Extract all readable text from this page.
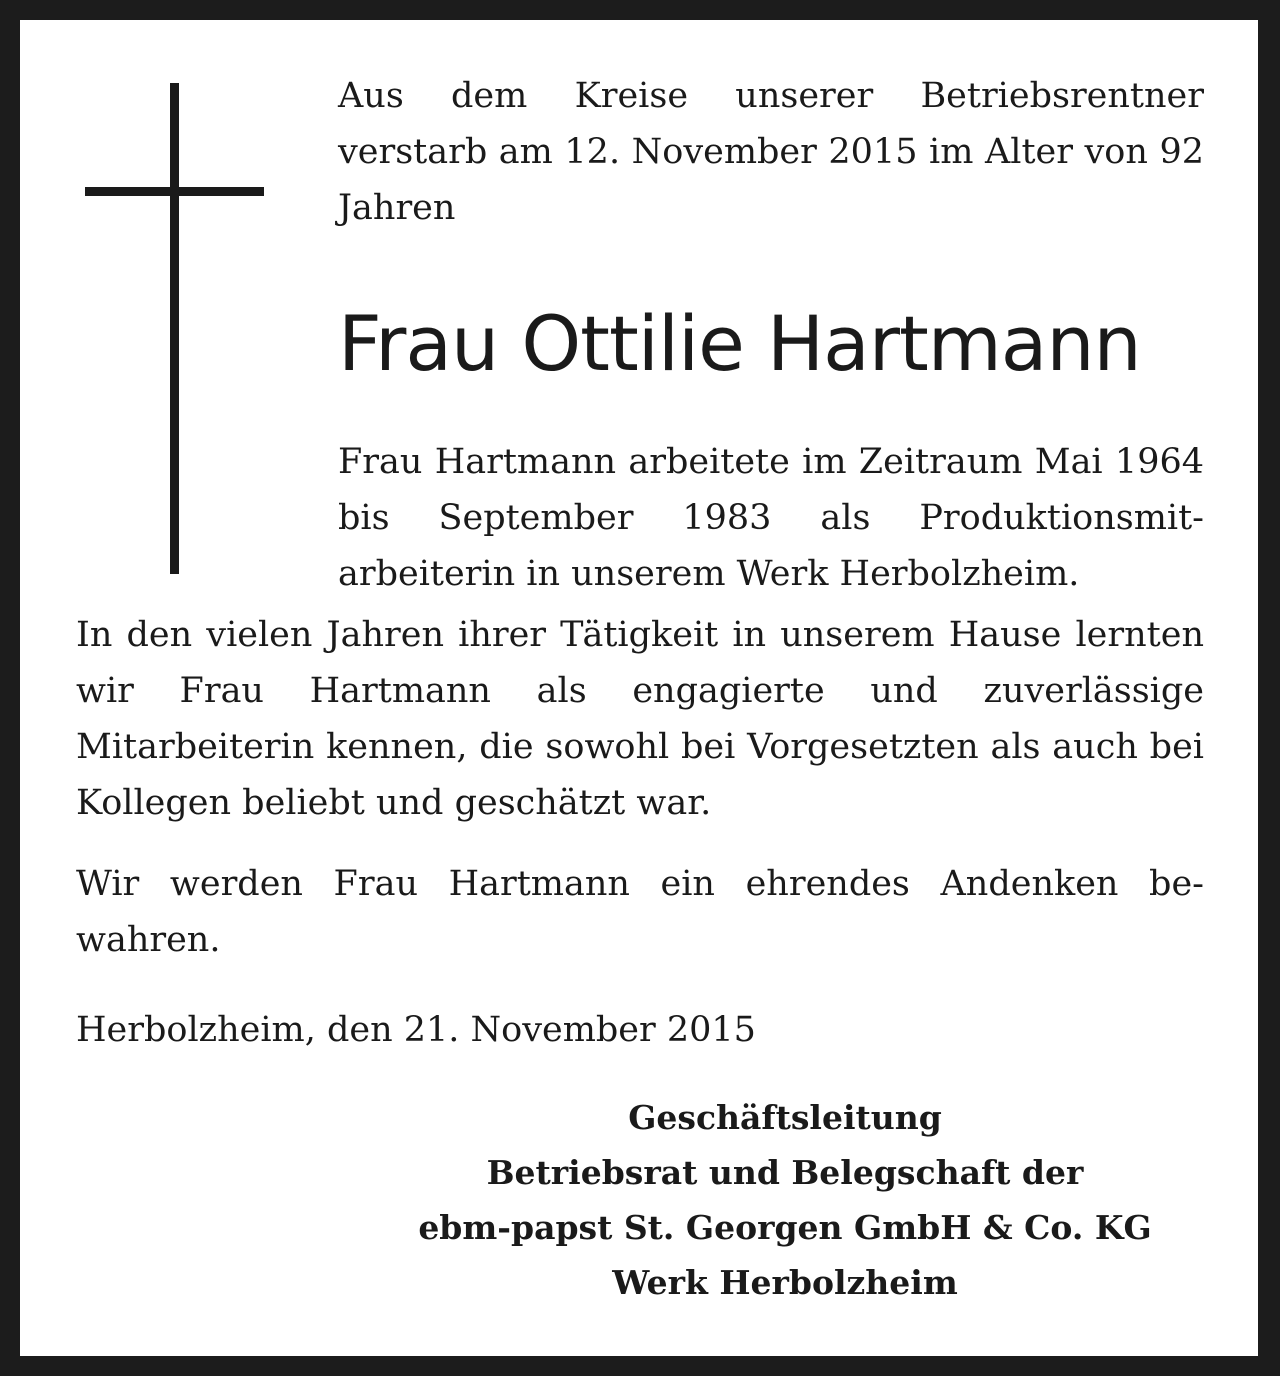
Aus dem Kreise unserer Betriebsrentner verstarb am 12. November 2015 im Alter von 92 Jahren

Frau Ottilie Hartmann

Frau Hartmann arbeitete im Zeitraum Mai 1964 bis September 1983 als Produktionsmit- arbeiterin in unserem Werk Herbolzheim.

In den vielen Jahren ihrer Tätigkeit in unserem Hause lernten wir Frau Hartmann als engagierte und zuverlässige Mitarbeiterin kennen, die sowohl bei Vorgesetzten als auch bei Kollegen beliebt und geschätzt war.

Wir werden Frau Hartmann ein ehrendes Andenken be- wahren.

Herbolzheim, den 21. November 2015

Geschäftsleitung
Betriebsrat und Belegschaft der
ebm-papst St. Georgen GmbH & Co. KG
Werk Herbolzheim
